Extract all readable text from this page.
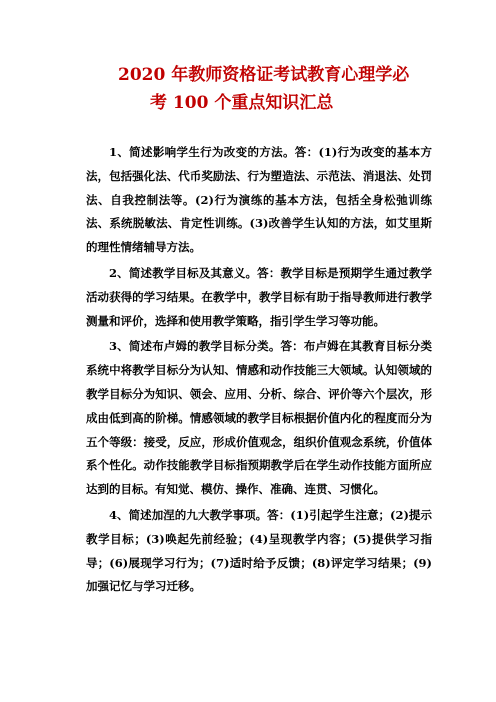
2020 年教师资格证考试教育心理学必
考 100 个重点知识汇总

1、简述影响学生行为改变的方法。答：(1)行为改变的基本方法，包括强化法、代币奖励法、行为塑造法、示范法、消退法、处罚法、自我控制法等。(2)行为演练的基本方法，包括全身松弛训练法、系统脱敏法、肯定性训练。(3)改善学生认知的方法，如艾里斯的理性情绪辅导方法。

2、简述教学目标及其意义。答：教学目标是预期学生通过教学活动获得的学习结果。在教学中，教学目标有助于指导教师进行教学测量和评价，选择和使用教学策略，指引学生学习等功能。

3、简述布卢姆的教学目标分类。答：布卢姆在其教育目标分类系统中将教学目标分为认知、情感和动作技能三大领域。认知领域的教学目标分为知识、领会、应用、分析、综合、评价等六个层次，形成由低到高的阶梯。情感领域的教学目标根据价值内化的程度而分为五个等级：接受，反应，形成价值观念，组织价值观念系统，价值体系个性化。动作技能教学目标指预期教学后在学生动作技能方面所应达到的目标。有知觉、模仿、操作、准确、连贯、习惯化。

4、简述加涅的九大教学事项。答：(1)引起学生注意；(2)提示教学目标；(3)唤起先前经验；(4)呈现教学内容；(5)提供学习指导；(6)展现学习行为；(7)适时给予反馈；(8)评定学习结果；(9)加强记忆与学习迁移。
